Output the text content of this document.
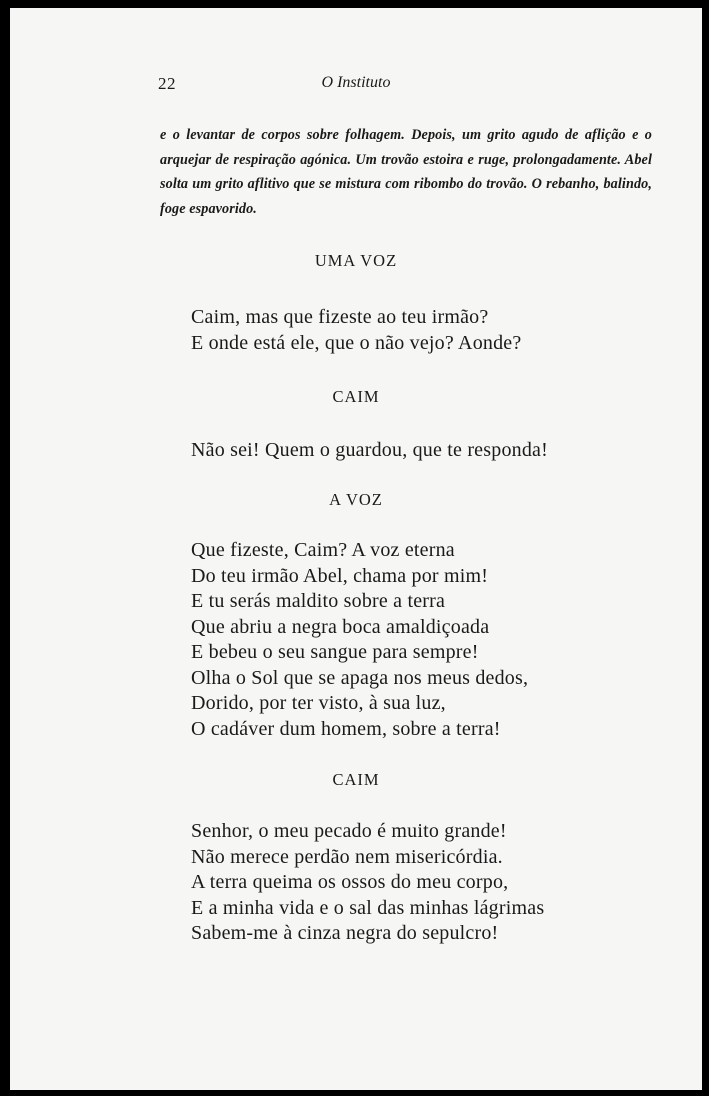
22	O Instituto
e o levantar de corpos sobre folhagem. Depois, um grito agudo de aflição e o arquejar de respiração agónica. Um trovão estoira e ruge, prolongadamente. Abel solta um grito aflitivo que se mistura com ribombo do trovão. O rebanho, balindo, foge espavorido.
UMA VOZ
Caim, mas que fizeste ao teu irmão?
E onde está ele, que o não vejo? Aonde?
CAIM
Não sei! Quem o guardou, que te responda!
A VOZ
Que fizeste, Caim? A voz eterna
Do teu irmão Abel, chama por mim!
E tu serás maldito sobre a terra
Que abriu a negra boca amaldiçoada
E bebeu o seu sangue para sempre!
Olha o Sol que se apaga nos meus dedos,
Dorido, por ter visto, à sua luz,
O cadáver dum homem, sobre a terra!
CAIM
Senhor, o meu pecado é muito grande!
Não merece perdão nem misericórdia.
A terra queima os ossos do meu corpo,
E a minha vida e o sal das minhas lágrimas
Sabem-me à cinza negra do sepulcro!
